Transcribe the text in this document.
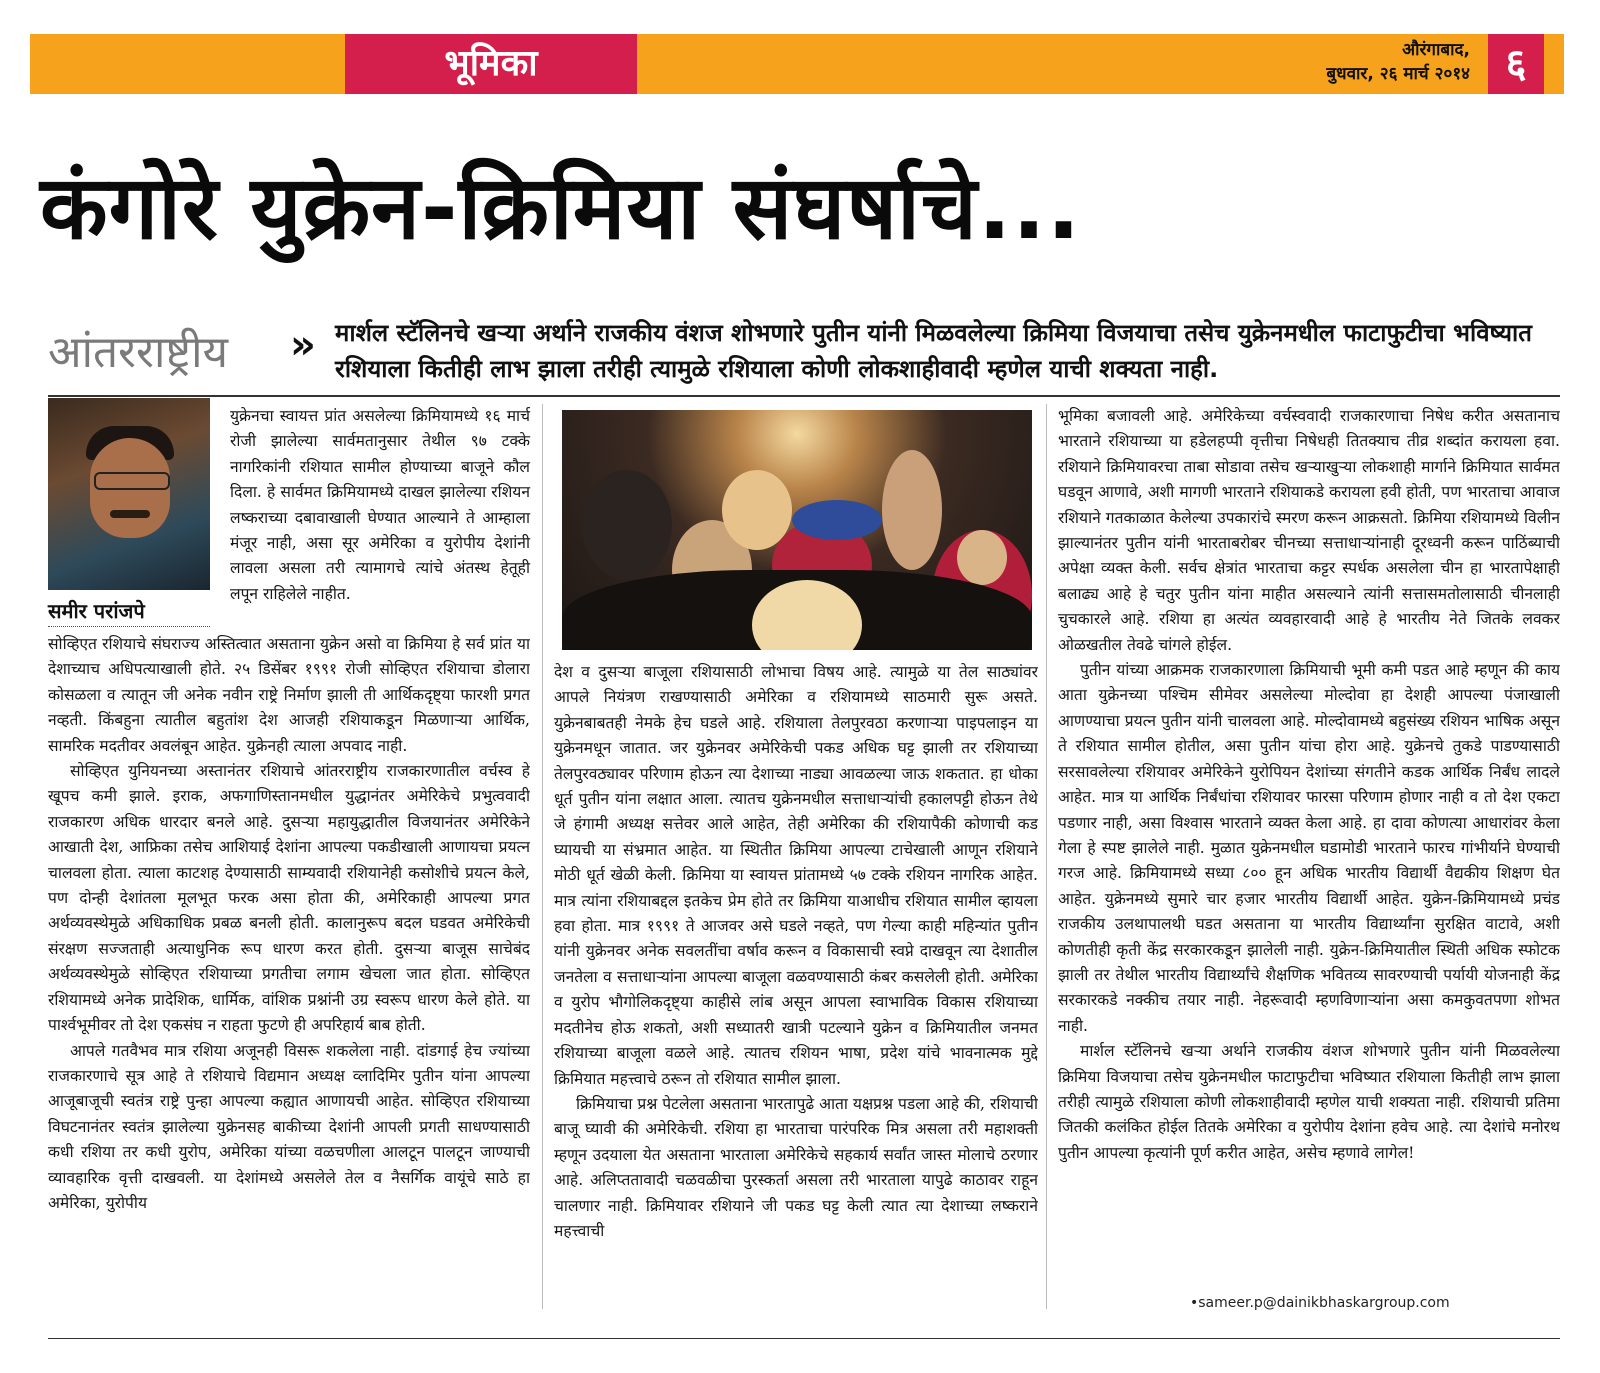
भूमिका	औरंगाबाद,
बुधवार, २६ मार्च २०१४ ६
कंगोरे युक्रेन-क्रिमिया संघर्षाचे...
आंतरराष्ट्रीय » मार्शल स्टॅलिनचे खऱ्या अर्थाने राजकीय वंशज शोभणारे पुतीन यांनी मिळवलेल्या क्रिमिया विजयाचा तसेच युक्रेनमधील फाटाफुटीचा भविष्यात रशियाला कितीही लाभ झाला तरीही त्यामुळे रशियाला कोणी लोकशाहीवादी म्हणेल याची शक्यता नाही.
समीर परांजपे

युक्रेनचा स्वायत्त प्रांत असलेल्या क्रिमियामध्ये १६ मार्च रोजी झालेल्या सार्वमतानुसार तेथील ९७ टक्के नागरिकांनी रशियात सामील होण्याच्या बाजूने कौल दिला. हे सार्वमत क्रिमियामध्ये दाखल झालेल्या रशियन लष्कराच्या दबावाखाली घेण्यात आल्याने ते आम्हाला मंजूर नाही, असा सूर अमेरिका व युरोपीय देशांनी लावला असला तरी त्यामागचे त्यांचे अंतस्थ हेतूही लपून राहिलेले नाहीत.

सोव्हिएत रशियाचे संघराज्य अस्तित्वात असताना युक्रेन असो वा क्रिमिया हे सर्व प्रांत या देशाच्याच अधिपत्याखाली होते. २५ डिसेंबर १९९१ रोजी सोव्हिएत रशियाचा डोलारा कोसळला व त्यातून जी अनेक नवीन राष्ट्रे निर्माण झाली ती आर्थिकदृष्ट्या फारशी प्रगत नव्हती. किंबहुना त्यातील बहुतांश देश आजही रशियाकडून मिळणाऱ्या आर्थिक, सामरिक मदतीवर अवलंबून आहेत. युक्रेनही त्याला अपवाद नाही.

सोव्हिएत युनियनच्या अस्तानंतर रशियाचे आंतरराष्ट्रीय राजकारणातील वर्चस्व हे खूपच कमी झाले. इराक, अफगाणिस्तानमधील युद्धानंतर अमेरिकेचे प्रभुत्ववादी राजकारण अधिक धारदार बनले आहे. दुसऱ्या महायुद्धातील विजयानंतर अमेरिकेने आखाती देश, आफ्रिका तसेच आशियाई देशांना आपल्या पकडीखाली आणायचा प्रयत्न चालवला होता. त्याला काटशह देण्यासाठी साम्यवादी रशियानेही कसोशीचे प्रयत्न केले, पण दोन्ही देशांतला मूलभूत फरक असा होता की, अमेरिकाही आपल्या प्रगत अर्थव्यवस्थेमुळे अधिकाधिक प्रबळ बनली होती. कालानुरूप बदल घडवत अमेरिकेची संरक्षण सज्जताही अत्याधुनिक रूप धारण करत होती. दुसऱ्या बाजूस साचेबंद अर्थव्यवस्थेमुळे सोव्हिएत रशियाच्या प्रगतीचा लगाम खेचला जात होता. सोव्हिएत रशियामध्ये अनेक प्रादेशिक, धार्मिक, वांशिक प्रश्नांनी उग्र स्वरूप धारण केले होते. या पार्श्वभूमीवर तो देश एकसंघ न राहता फुटणे ही अपरिहार्य बाब होती.

आपले गतवैभव मात्र रशिया अजूनही विसरू शकलेला नाही. दांडगाई हेच ज्यांच्या राजकारणाचे सूत्र आहे ते रशियाचे विद्यमान अध्यक्ष व्लादिमिर पुतीन यांना आपल्या आजूबाजूची स्वतंत्र राष्ट्रे पुन्हा आपल्या कह्यात आणायची आहेत. सोव्हिएत रशियाच्या विघटनानंतर स्वतंत्र झालेल्या युक्रेनसह बाकीच्या देशांनी आपली प्रगती साधण्यासाठी कधी रशिया तर कधी युरोप, अमेरिका यांच्या वळचणीला आलटून पालटून जाण्याची व्यावहारिक वृत्ती दाखवली. या देशांमध्ये असलेले तेल व नैसर्गिक वायूंचे साठे हा अमेरिका, युरोपीय

देश व दुसऱ्या बाजूला रशियासाठी लोभाचा विषय आहे. त्यामुळे या तेल साठ्यांवर आपले नियंत्रण राखण्यासाठी अमेरिका व रशियामध्ये साठमारी सुरू असते. युक्रेनबाबतही नेमके हेच घडले आहे. रशियाला तेलपुरवठा करणाऱ्या पाइपलाइन या युक्रेनमधून जातात. जर युक्रेनवर अमेरिकेची पकड अधिक घट्ट झाली तर रशियाच्या तेलपुरवठ्यावर परिणाम होऊन त्या देशाच्या नाड्या आवळल्या जाऊ शकतात. हा धोका धूर्त पुतीन यांना लक्षात आला. त्यातच युक्रेनमधील सत्ताधाऱ्यांची हकालपट्टी होऊन तेथे जे हंगामी अध्यक्ष सत्तेवर आले आहेत, तेही अमेरिका की रशियापैकी कोणाची कड घ्यायची या संभ्रमात आहेत. या स्थितीत क्रिमिया आपल्या टाचेखाली आणून रशियाने मोठी धूर्त खेळी केली. क्रिमिया या स्वायत्त प्रांतामध्ये ५७ टक्के रशियन नागरिक आहेत. मात्र त्यांना रशियाबद्दल इतकेच प्रेम होते तर क्रिमिया याआधीच रशियात सामील व्हायला हवा होता. मात्र १९९१ ते आजवर असे घडले नव्हते, पण गेल्या काही महिन्यांत पुतीन यांनी युक्रेनवर अनेक सवलतींचा वर्षाव करून व विकासाची स्वप्ने दाखवून त्या देशातील जनतेला व सत्ताधाऱ्यांना आपल्या बाजूला वळवण्यासाठी कंबर कसलेली होती. अमेरिका व युरोप भौगोलिकदृष्ट्या काहीसे लांब असून आपला स्वाभाविक विकास रशियाच्या मदतीनेच होऊ शकतो, अशी सध्यातरी खात्री पटल्याने युक्रेन व क्रिमियातील जनमत रशियाच्या बाजूला वळले आहे. त्यातच रशियन भाषा, प्रदेश यांचे भावनात्मक मुद्दे क्रिमियात महत्त्वाचे ठरून तो रशियात सामील झाला.

क्रिमियाचा प्रश्न पेटलेला असताना भारतापुढे आता यक्षप्रश्न पडला आहे की, रशियाची बाजू घ्यावी की अमेरिकेची. रशिया हा भारताचा पारंपरिक मित्र असला तरी महाशक्ती म्हणून उदयाला येत असताना भारताला अमेरिकेचे सहकार्य सर्वांत जास्त मोलाचे ठरणार आहे. अलिप्ततावादी चळवळीचा पुरस्कर्ता असला तरी भारताला यापुढे काठावर राहून चालणार नाही. क्रिमियावर रशियाने जी पकड घट्ट केली त्यात त्या देशाच्या लष्कराने महत्त्वाची

भूमिका बजावली आहे. अमेरिकेच्या वर्चस्ववादी राजकारणाचा निषेध करीत असतानाच भारताने रशियाच्या या हडेलहप्पी वृत्तीचा निषेधही तितक्याच तीव्र शब्दांत करायला हवा. रशियाने क्रिमियावरचा ताबा सोडावा तसेच खऱ्याखुऱ्या लोकशाही मार्गाने क्रिमियात सार्वमत घडवून आणावे, अशी मागणी भारताने रशियाकडे करायला हवी होती, पण भारताचा आवाज रशियाने गतकाळात केलेल्या उपकारांचे स्मरण करून आक्रसतो. क्रिमिया रशियामध्ये विलीन झाल्यानंतर पुतीन यांनी भारताबरोबर चीनच्या सत्ताधाऱ्यांनाही दूरध्वनी करून पाठिंब्याची अपेक्षा व्यक्त केली. सर्वच क्षेत्रांत भारताचा कट्टर स्पर्धक असलेला चीन हा भारतापेक्षाही बलाढ्य आहे हे चतुर पुतीन यांना माहीत असल्याने त्यांनी सत्तासमतोलासाठी चीनलाही चुचकारले आहे. रशिया हा अत्यंत व्यवहारवादी आहे हे भारतीय नेते जितके लवकर ओळखतील तेवढे चांगले होईल.

पुतीन यांच्या आक्रमक राजकारणाला क्रिमियाची भूमी कमी पडत आहे म्हणून की काय आता युक्रेनच्या पश्चिम सीमेवर असलेल्या मोल्दोवा हा देशही आपल्या पंजाखाली आणण्याचा प्रयत्न पुतीन यांनी चालवला आहे. मोल्दोवामध्ये बहुसंख्य रशियन भाषिक असून ते रशियात सामील होतील, असा पुतीन यांचा होरा आहे. युक्रेनचे तुकडे पाडण्यासाठी सरसावलेल्या रशियावर अमेरिकेने युरोपियन देशांच्या संगतीने कडक आर्थिक निर्बंध लादले आहेत. मात्र या आर्थिक निर्बंधांचा रशियावर फारसा परिणाम होणार नाही व तो देश एकटा पडणार नाही, असा विश्वास भारताने व्यक्त केला आहे. हा दावा कोणत्या आधारांवर केला गेला हे स्पष्ट झालेले नाही. मुळात युक्रेनमधील घडामोडी भारताने फारच गांभीर्याने घेण्याची गरज आहे. क्रिमियामध्ये सध्या ८०० हून अधिक भारतीय विद्यार्थी वैद्यकीय शिक्षण घेत आहेत. युक्रेनमध्ये सुमारे चार हजार भारतीय विद्यार्थी आहेत. युक्रेन-क्रिमियामध्ये प्रचंड राजकीय उलथापालथी घडत असताना या भारतीय विद्यार्थ्यांना सुरक्षित वाटावे, अशी कोणतीही कृती केंद्र सरकारकडून झालेली नाही. युक्रेन-क्रिमियातील स्थिती अधिक स्फोटक झाली तर तेथील भारतीय विद्यार्थ्यांचे शैक्षणिक भवितव्य सावरण्याची पर्यायी योजनाही केंद्र सरकारकडे नक्कीच तयार नाही. नेहरूवादी म्हणविणाऱ्यांना असा कमकुवतपणा शोभत नाही.

मार्शल स्टॅलिनचे खऱ्या अर्थाने राजकीय वंशज शोभणारे पुतीन यांनी मिळवलेल्या क्रिमिया विजयाचा तसेच युक्रेनमधील फाटाफुटीचा भविष्यात रशियाला कितीही लाभ झाला तरीही त्यामुळे रशियाला कोणी लोकशाहीवादी म्हणेल याची शक्यता नाही. रशियाची प्रतिमा जितकी कलंकित होईल तितके अमेरिका व युरोपीय देशांना हवेच आहे. त्या देशांचे मनोरथ पुतीन आपल्या कृत्यांनी पूर्ण करीत आहेत, असेच म्हणावे लागेल!

•sameer.p@dainikbhaskargroup.com
